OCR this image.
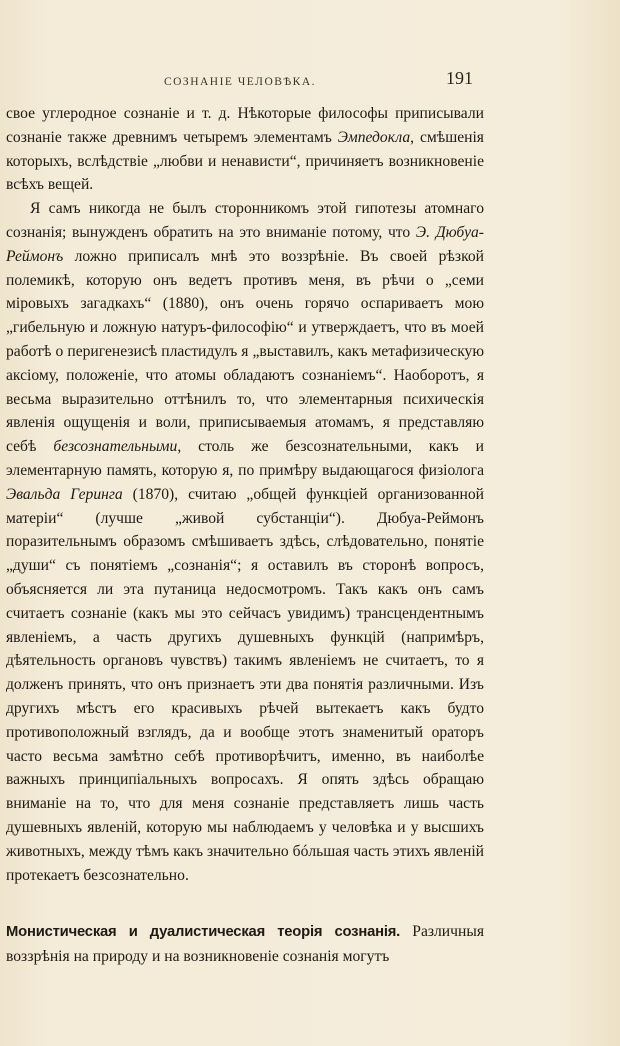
СОЗНАНІЕ ЧЕЛОВѢКА.	191

свое углеродное сознаніе и т. д. Нѣкоторые философы приписывали сознаніе также древнимъ четыремъ элементамъ Эмпедокла, смѣшенія которыхъ, вслѣдствіе „любви и ненависти“, причиняетъ возникновеніе всѣхъ вещей.

Я самъ никогда не былъ сторонникомъ этой гипотезы атомнаго сознанія; вынужденъ обратить на это вниманіе потому, что Э. Дюбуа-Реймонъ ложно приписалъ мнѣ это воззрѣніе. Въ своей рѣзкой полемикѣ, которую онъ ведетъ противъ меня, въ рѣчи о „семи міровыхъ загадкахъ“ (1880), онъ очень горячо оспариваетъ мою „гибельную и ложную натуръ-философію“ и утверждаетъ, что въ моей работѣ о перигенезисѣ пластидулъ я „выставилъ, какъ метафизическую аксіому, положеніе, что атомы обладаютъ сознаніемъ“. Наоборотъ, я весьма выразительно оттѣнилъ то, что элементарныя психическія явленія ощущенія и воли, приписываемыя атомамъ, я представляю себѣ безсознательными, столь же безсознательными, какъ и элементарную память, которую я, по примѣру выдающагося физіолога Эвальда Геринга (1870), считаю „общей функціей организованной матеріи“ (лучше „живой субстанціи“). Дюбуа-Реймонъ поразительнымъ образомъ смѣшиваетъ здѣсь, слѣдовательно, понятіе „души“ съ понятіемъ „сознанія“; я оставилъ въ сторонѣ вопросъ, объясняется ли эта путаница недосмотромъ. Такъ какъ онъ самъ считаетъ сознаніе (какъ мы это сейчасъ увидимъ) трансцендентнымъ явленіемъ, а часть другихъ душевныхъ функцій (напримѣръ, дѣятельность органовъ чувствъ) такимъ явленіемъ не считаетъ, то я долженъ принять, что онъ признаетъ эти два понятія различными. Изъ другихъ мѣстъ его красивыхъ рѣчей вытекаетъ какъ будто противоположный взглядъ, да и вообще этотъ знаменитый ораторъ часто весьма замѣтно себѣ противорѣчитъ, именно, въ наиболѣе важныхъ принципіальныхъ вопросахъ. Я опять здѣсь обращаю вниманіе на то, что для меня сознаніе представляетъ лишь часть душевныхъ явленій, которую мы наблюдаемъ у человѣка и у высшихъ животныхъ, между тѣмъ какъ значительно бóльшая часть этихъ явленій протекаетъ безсознательно.

Монистическая и дуалистическая теорія сознанія. Различныя воззрѣнія на природу и на возникновеніе сознанія могутъ
